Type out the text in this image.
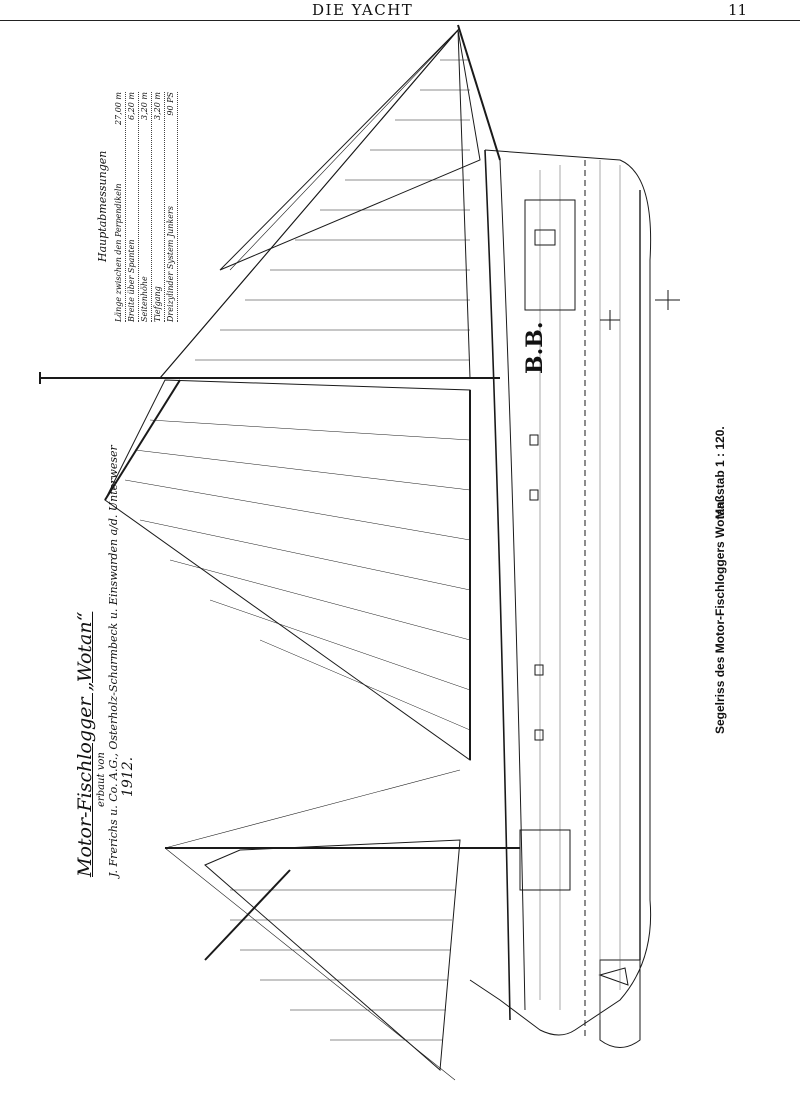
DIE YACHT	11
Hauptabmessungen Länge zwischen den Perpendikeln
27,00 m
Breite über Spanten
6,20 m
Seitenhöhe
3,20 m
Tiefgang
3,20 m
Dreizylinder System Junkers
90 PS
Motor-Fischlogger „Wotan“ erbaut von J. Frerichs u. Co. A.G., Osterholz-Scharmbeck u. Einswarden a/d. Unterweser 1912.
B.B.
Segelriss des Motor-Fischloggers Wotan.
Maßstab 1 : 120.
